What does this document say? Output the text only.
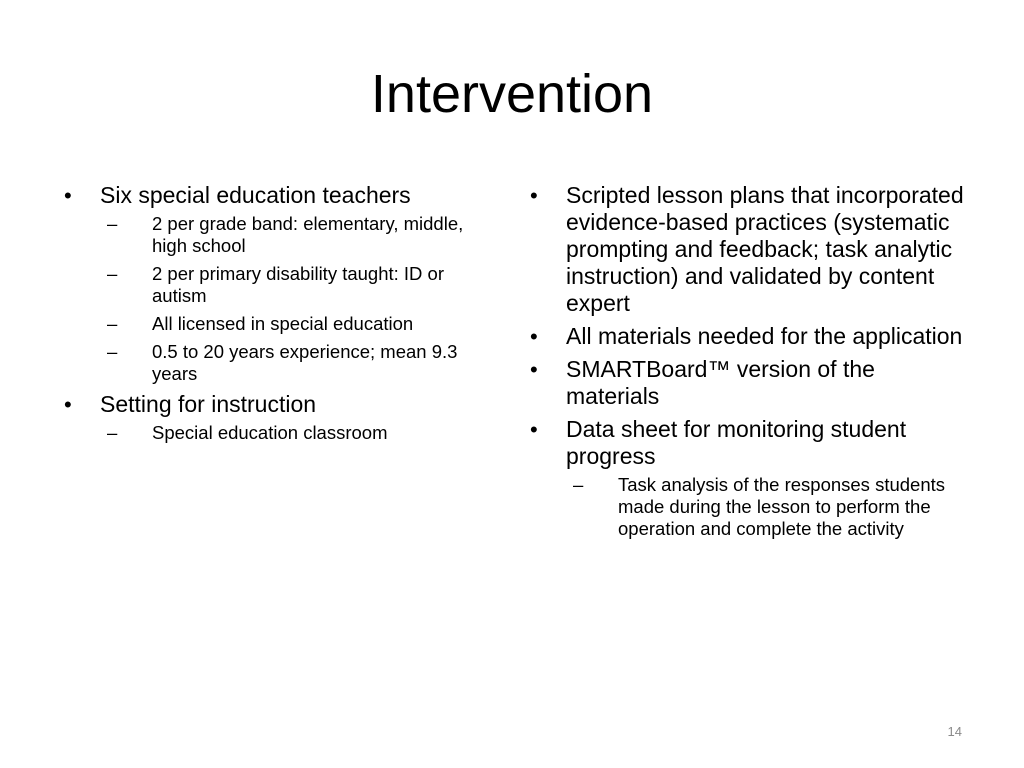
Intervention
• Six special education teachers
– 2 per grade band: elementary, middle, high school
– 2 per primary disability taught: ID or autism
– All licensed in special education
– 0.5 to 20 years experience; mean 9.3 years
• Setting for instruction
– Special education classroom
• Scripted lesson plans that incorporated evidence-based practices (systematic prompting and feedback; task analytic instruction) and validated by content expert
• All materials needed for the application
• SMARTBoard™ version of the materials
• Data sheet for monitoring student progress
– Task analysis of the responses students made during the lesson to perform the operation and complete the activity
14
